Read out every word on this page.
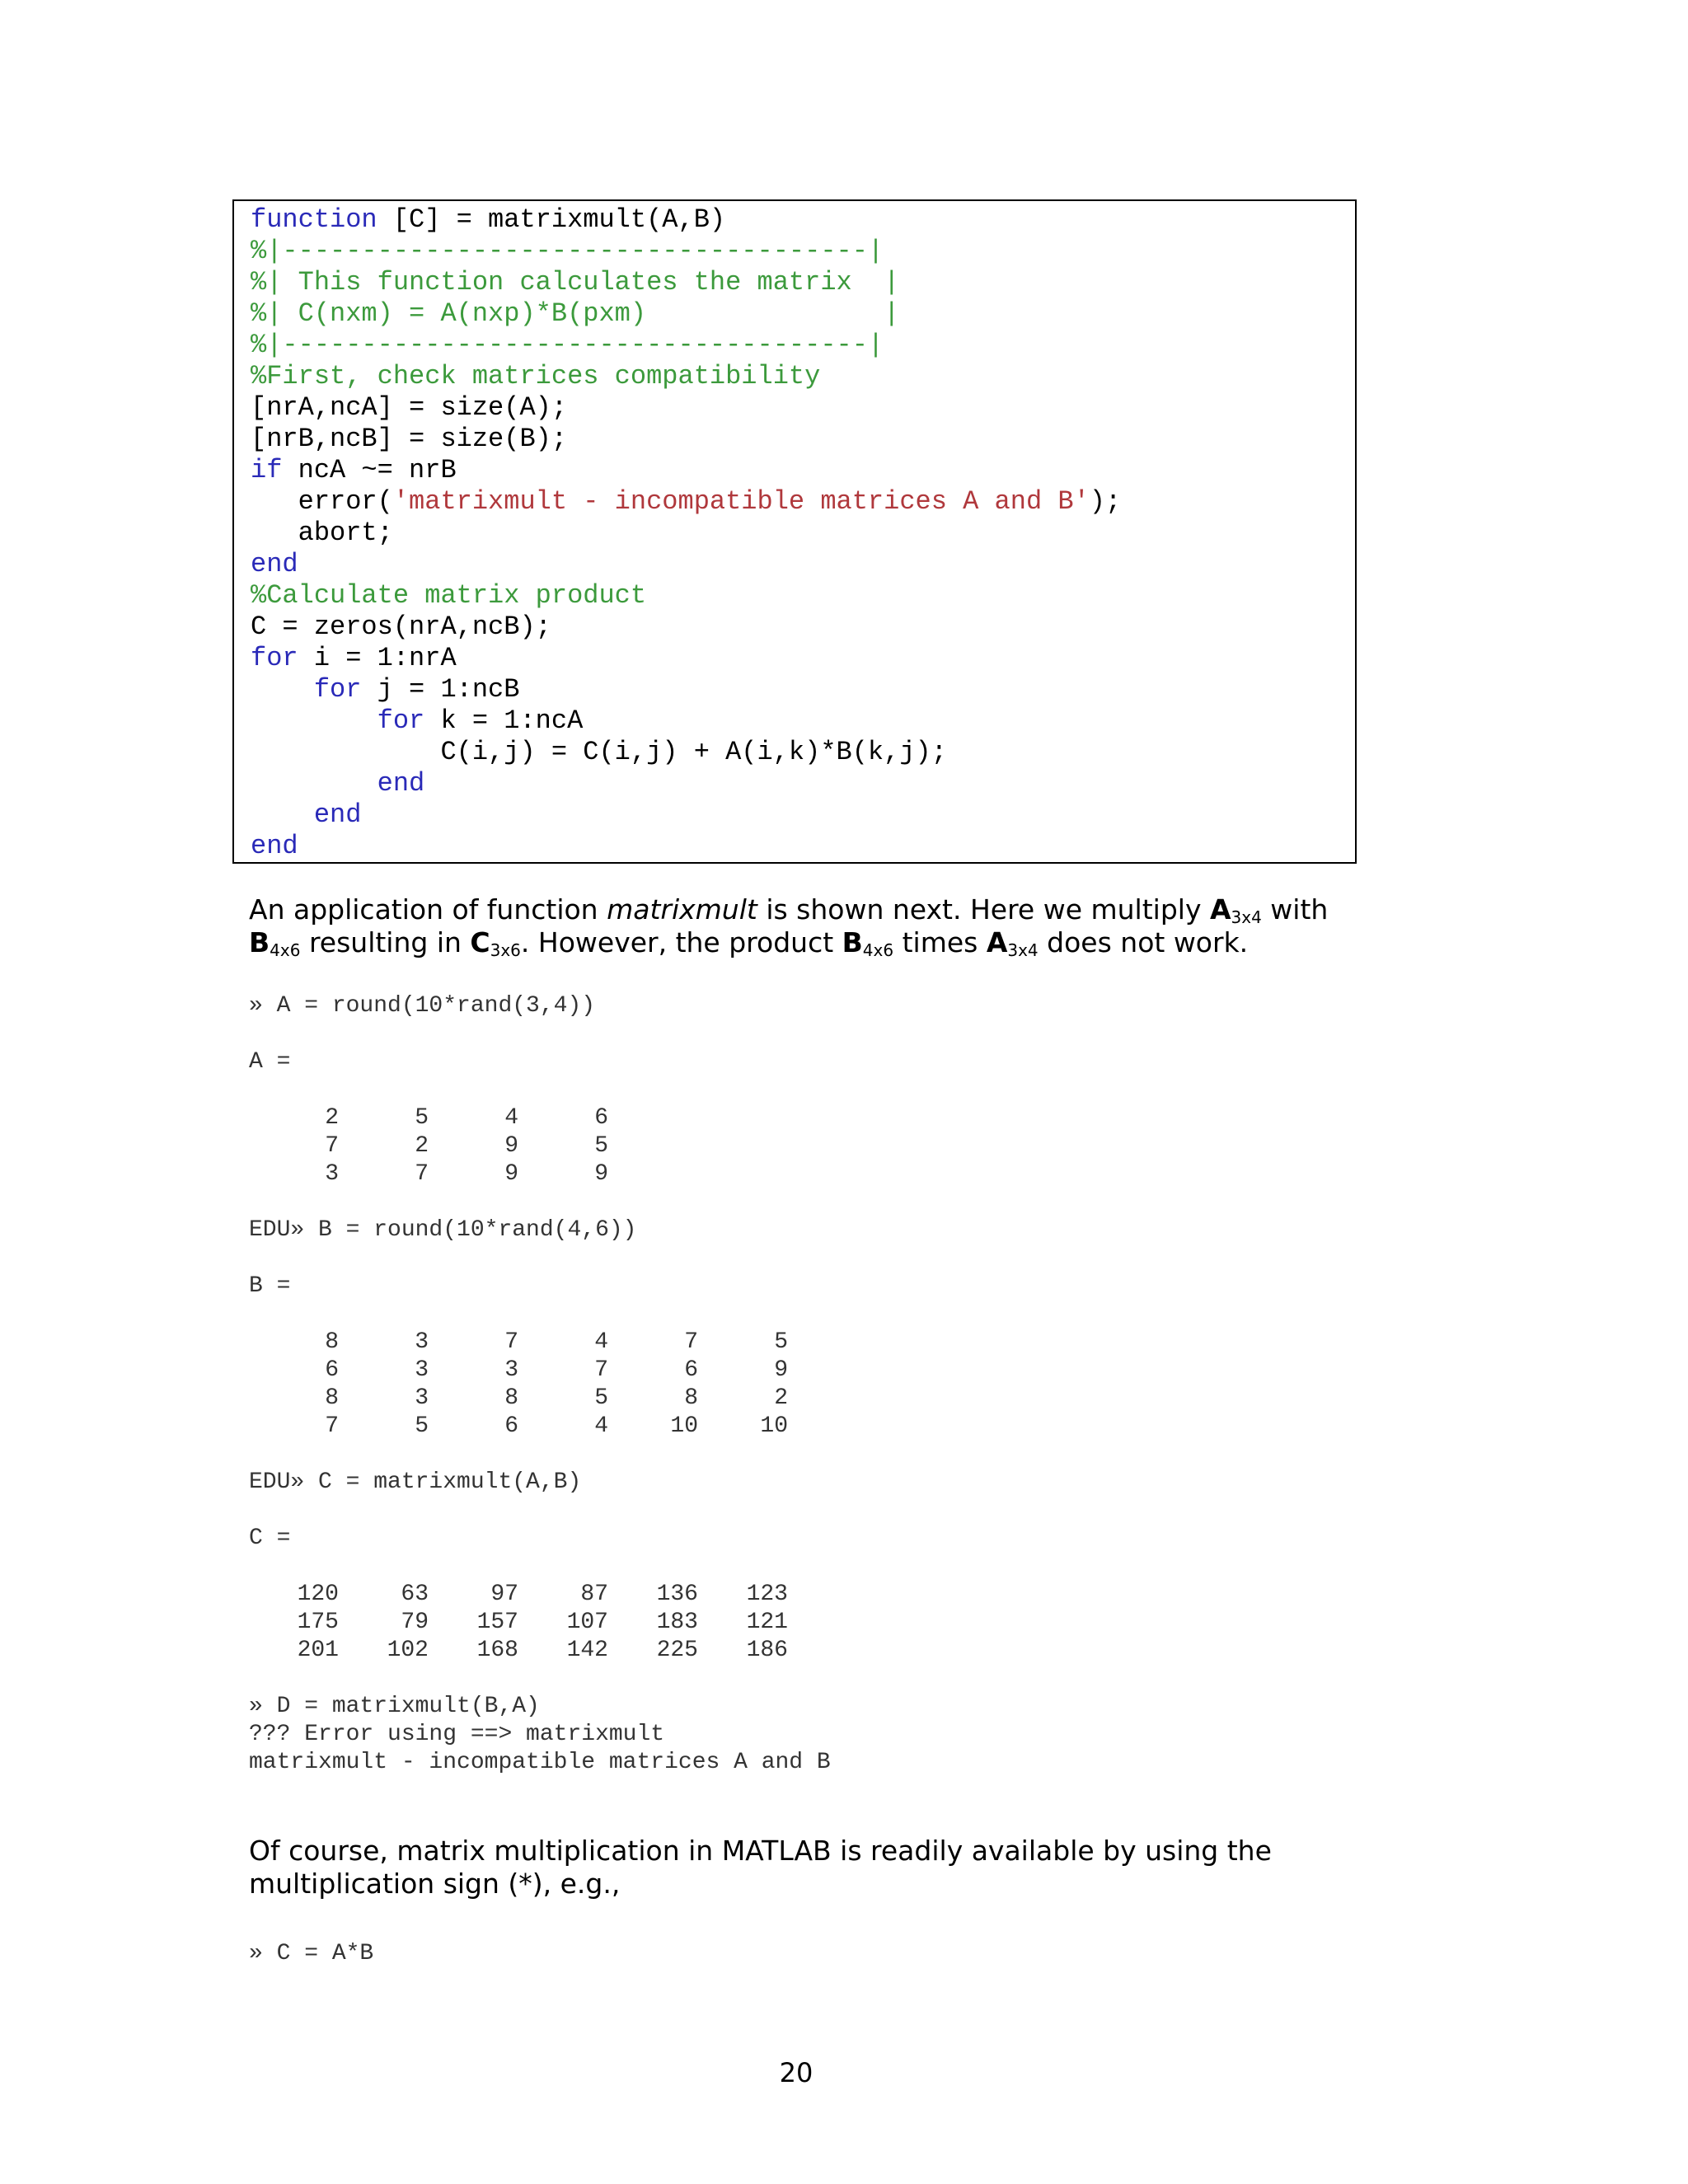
function [C] = matrixmult(A,B)
%|-------------------------------------|
%| This function calculates the matrix  |
%| C(nxm) = A(nxp)*B(pxm)               |
%|-------------------------------------|
%First, check matrices compatibility
[nrA,ncA] = size(A);
[nrB,ncB] = size(B);
if ncA ~= nrB
error('matrixmult - incompatible matrices A and B');
abort;
end
%Calculate matrix product
C = zeros(nrA,ncB);
for i = 1:nrA
for j = 1:ncB
for k = 1:ncA
C(i,j) = C(i,j) + A(i,k)*B(k,j);
end
end
end

An application of function matrixmult is shown next. Here we multiply $A_{3x4}$ with $B_{4x6}$ resulting in $C_{3x6}$. However, the product $B_{4x6}$ times $A_{3x4}$ does not work.

» A = round(10*rand(3,4))

A =

2	5	4	6
7	2	9	5
3	7	9	9

EDU» B = round(10*rand(4,6))

B =

8	3	7	4	7	5
6	3	3	7	6	9
8	3	8	5	8	2
7	5	6	4	10	10

EDU» C = matrixmult(A,B)

C =

120	63	97	87	136	123
175	79	157	107	183	121
201	102	168	142	225	186

» D = matrixmult(B,A)

??? Error using ==> matrixmult

matrixmult - incompatible matrices A and B

Of course, matrix multiplication in MATLAB is readily available by using the multiplication sign (*), e.g.,

» C = A*B

20
